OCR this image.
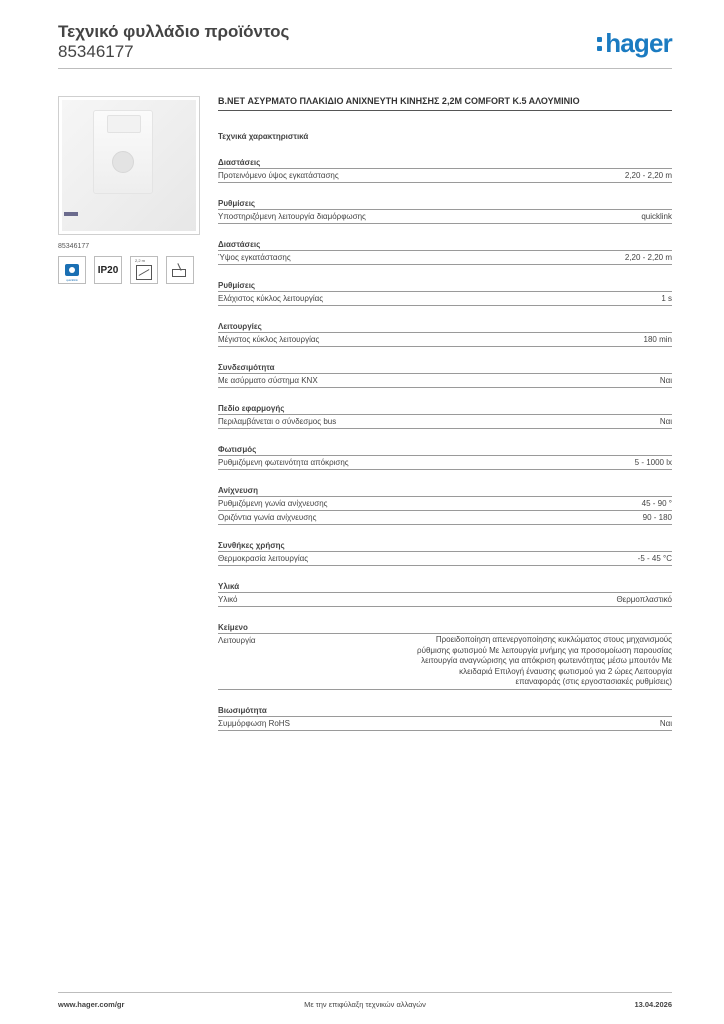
Τεχνικό φυλλάδιο προϊόντος
85346177	hager
85346177
quicklink
IP20
2,2 m
B.NET ΑΣΥΡΜΑΤΟ ΠΛΑΚΙΔΙΟ ΑΝΙΧΝΕΥΤΗ ΚΙΝΗΣΗΣ 2,2M COMFORT Κ.5 ΑΛΟΥΜΙΝΙΟ
Τεχνικά χαρακτηριστικά
Διαστάσεις
Προτεινόμενο ύψος εγκατάστασης	2,20 - 2,20 m
Ρυθμίσεις
Υποστηριζόμενη λειτουργία διαμόρφωσης	quicklink
Διαστάσεις
Ύψος εγκατάστασης	2,20 - 2,20 m
Ρυθμίσεις
Ελάχιστος κύκλος λειτουργίας	1 s
Λειτουργίες
Μέγιστος κύκλος λειτουργίας	180 min
Συνδεσιμότητα
Με ασύρματο σύστημα KNX	Ναι
Πεδίο εφαρμογής
Περιλαμβάνεται ο σύνδεσμος bus	Ναι
Φωτισμός
Ρυθμιζόμενη φωτεινότητα απόκρισης	5 - 1000 lx
Ανίχνευση
Ρυθμιζόμενη γωνία ανίχνευσης	45 - 90 °
Οριζόντια γωνία ανίχνευσης	90 - 180
Συνθήκες χρήσης
Θερμοκρασία λειτουργίας	-5 - 45 °C
Υλικά
Υλικό	Θερμοπλαστικό
Κείμενο
Λειτουργία	Προειδοποίηση απενεργοποίησης κυκλώματος στους μηχανισμούς ρύθμισης φωτισμού Με λειτουργία μνήμης για προσομοίωση παρουσίας λειτουργία αναγνώρισης για απόκριση φωτεινότητας μέσω μπουτόν Με κλειδαριά Επιλογή έναυσης φωτισμού για 2 ώρες Λειτουργία επαναφοράς (στις εργοστασιακές ρυθμίσεις)
Βιωσιμότητα
Συμμόρφωση RoHS	Ναι
www.hager.com/gr	Με την επιφύλαξη τεχνικών αλλαγών	13.04.2026
